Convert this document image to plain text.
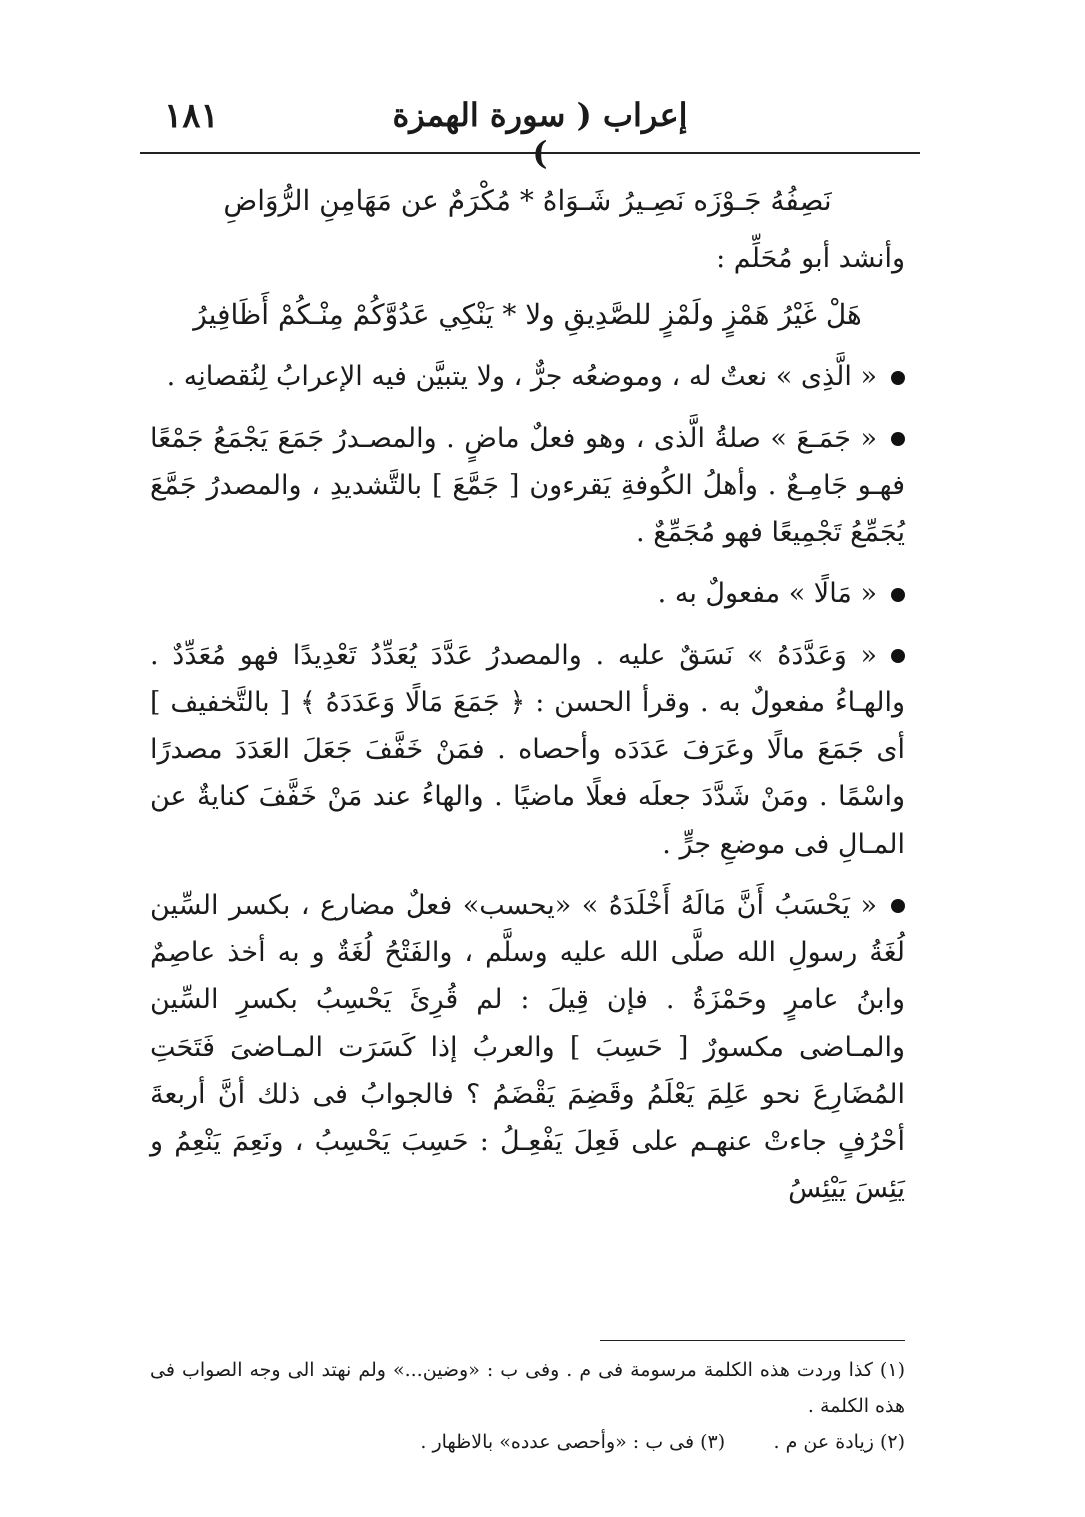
١٨١	إعراب ( سورة الهمزة )

نَصِفُهُ جَـوْزَه نَصِـيرُ شَـوَاهُ * مُكْرَمٌ عن مَهَامِنِ الرُّوَاضِ

وأنشد أبو مُحَلِّم :

هَلْ غَيْرُ هَمْزٍ ولَمْزٍ للصَّدِيقِ ولا * يَنْكِي عَدُوَّكُمْ مِنْـكُمْ أَظَافِيرُ

« الَّذِى » نعتٌ له ، وموضعُه جرٌّ ، ولا يتبيَّن فيه الإعرابُ لِنُقصانِه .

« جَمَـعَ » صلةُ الَّذى ، وهو فعلٌ ماضٍ . والمصـدرُ جَمَعَ يَجْمَعُ جَمْعًا فهـو جَامِـعٌ . وأهلُ الكُوفةِ يَقرءون [ جَمَّعَ ] بالتَّشديدِ ، والمصدرُ جَمَّعَ يُجَمِّعُ تَجْمِيعًا فهو مُجَمِّعٌ .

« مَالًا » مفعولٌ به .

« وَعَدَّدَهُ » نَسَقٌ عليه . والمصدرُ عَدَّدَ يُعَدِّدُ تَعْدِيدًا فهو مُعَدِّدٌ . والهـاءُ مفعولٌ به . وقرأ الحسن : ﴿ جَمَعَ مَالًا وَعَدَدَهُ ﴾ [ بالتَّخفيف ] أى جَمَعَ مالًا وعَرَفَ عَدَدَه وأحصاه . فمَنْ خَفَّفَ جَعَلَ العَدَدَ مصدرًا واسْمًا . ومَنْ شَدَّدَ جعلَه فعلًا ماضيًا . والهاءُ عند مَنْ خَفَّفَ كنايةٌ عن المـالِ فى موضعِ جرٍّ .

« يَحْسَبُ أَنَّ مَالَهُ أَخْلَدَهُ » «يحسب» فعلٌ مضارع ، بكسر السِّين لُغَةُ رسولِ الله صلَّى الله عليه وسلَّم ، والفَتْحُ لُغَةٌ و به أخذ عاصِمٌ وابنُ عامرٍ وحَمْزَةُ . فإن قِيلَ : لم قُرِئَ يَحْسِبُ بكسرِ السِّين والمـاضى مكسورٌ [ حَسِبَ ] والعربُ إذا كَسَرَت المـاضىَ فَتَحَتِ المُضَارِعَ نحو عَلِمَ يَعْلَمُ وقَضِمَ يَقْضَمُ ؟ فالجوابُ فى ذلك أنَّ أربعةَ أحْرُفٍ جاءتْ عنهـم على فَعِلَ يَفْعِـلُ : حَسِبَ يَحْسِبُ ، ونَعِمَ يَنْعِمُ و يَئِسَ يَيْئِسُ

(١) كذا وردت هذه الكلمة مرسومة فى م . وفى ب : «وضين...» ولم نهتد الى وجه الصواب فى هذه الكلمة .

(٢) زيادة عن م .        (٣) فى ب : «وأحصى عدده» بالاظهار .
